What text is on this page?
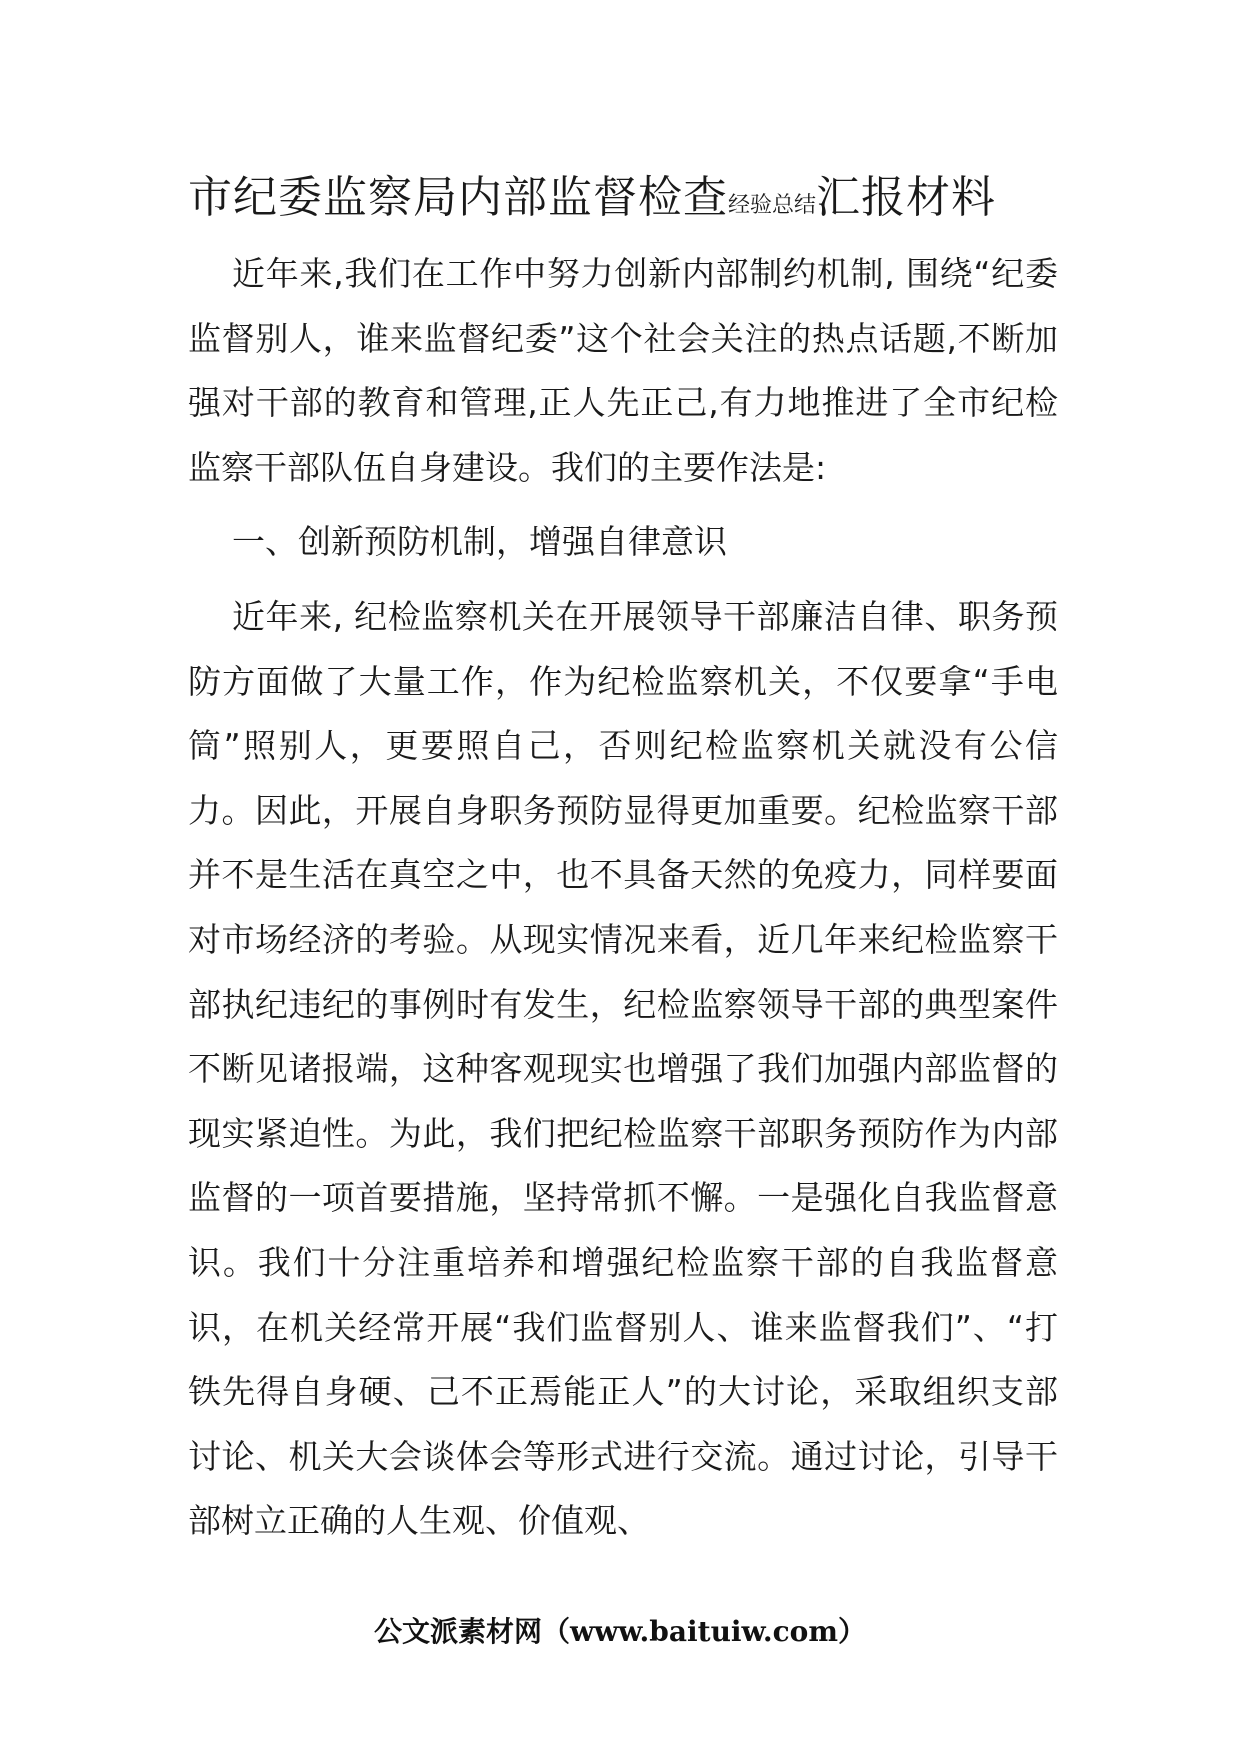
市纪委监察局内部监督检查经验总结汇报材料

近年来,我们在工作中努力创新内部制约机制, 围绕“纪委监督别人，谁来监督纪委”这个社会关注的热点话题,不断加强对干部的教育和管理,正人先正己,有力地推进了全市纪检监察干部队伍自身建设。我们的主要作法是:

一、创新预防机制，增强自律意识

近年来, 纪检监察机关在开展领导干部廉洁自律、职务预防方面做了大量工作，作为纪检监察机关，不仅要拿“手电筒”照别人，更要照自己，否则纪检监察机关就没有公信力。因此，开展自身职务预防显得更加重要。纪检监察干部并不是生活在真空之中，也不具备天然的免疫力，同样要面对市场经济的考验。从现实情况来看，近几年来纪检监察干部执纪违纪的事例时有发生，纪检监察领导干部的典型案件不断见诸报端，这种客观现实也增强了我们加强内部监督的现实紧迫性。为此，我们把纪检监察干部职务预防作为内部监督的一项首要措施，坚持常抓不懈。一是强化自我监督意识。我们十分注重培养和增强纪检监察干部的自我监督意识，在机关经常开展“我们监督别人、谁来监督我们”、“打铁先得自身硬、己不正焉能正人”的大讨论，采取组织支部讨论、机关大会谈体会等形式进行交流。通过讨论，引导干部树立正确的人生观、价值观、

公文派素材网（www.baituiw.com）
